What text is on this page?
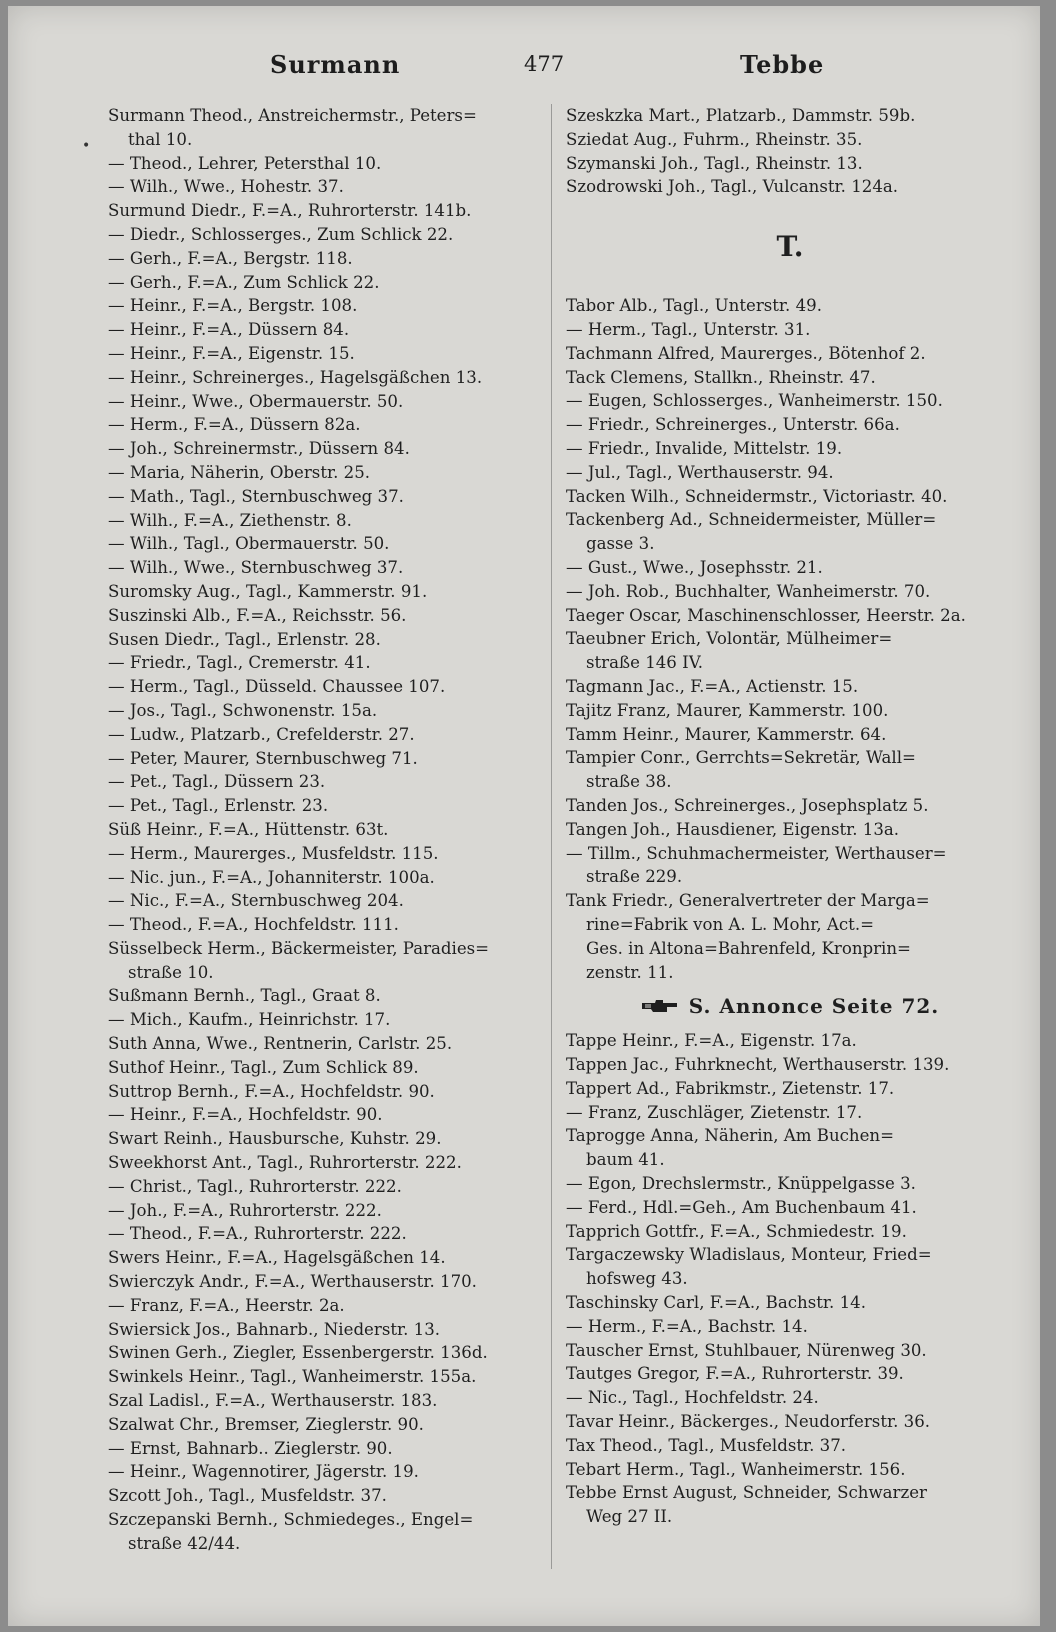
Surmann	477	Tebbe
•
Surmann Theod., Anstreichermstr., Peters=
thal 10.
— Theod., Lehrer, Petersthal 10.
— Wilh., Wwe., Hohestr. 37.
Surmund Diedr., F.=A., Ruhrorterstr. 141b.
— Diedr., Schlosserges., Zum Schlick 22.
— Gerh., F.=A., Bergstr. 118.
— Gerh., F.=A., Zum Schlick 22.
— Heinr., F.=A., Bergstr. 108.
— Heinr., F.=A., Düssern 84.
— Heinr., F.=A., Eigenstr. 15.
— Heinr., Schreinerges., Hagelsgäßchen 13.
— Heinr., Wwe., Obermauerstr. 50.
— Herm., F.=A., Düssern 82a.
— Joh., Schreinermstr., Düssern 84.
— Maria, Näherin, Oberstr. 25.
— Math., Tagl., Sternbuschweg 37.
— Wilh., F.=A., Ziethenstr. 8.
— Wilh., Tagl., Obermauerstr. 50.
— Wilh., Wwe., Sternbuschweg 37.
Suromsky Aug., Tagl., Kammerstr. 91.
Suszinski Alb., F.=A., Reichsstr. 56.
Susen Diedr., Tagl., Erlenstr. 28.
— Friedr., Tagl., Cremerstr. 41.
— Herm., Tagl., Düsseld. Chaussee 107.
— Jos., Tagl., Schwonenstr. 15a.
— Ludw., Platzarb., Crefelderstr. 27.
— Peter, Maurer, Sternbuschweg 71.
— Pet., Tagl., Düssern 23.
— Pet., Tagl., Erlenstr. 23.
Süß Heinr., F.=A., Hüttenstr. 63t.
— Herm., Maurerges., Musfeldstr. 115.
— Nic. jun., F.=A., Johanniterstr. 100a.
— Nic., F.=A., Sternbuschweg 204.
— Theod., F.=A., Hochfeldstr. 111.
Süsselbeck Herm., Bäckermeister, Paradies=
straße 10.
Sußmann Bernh., Tagl., Graat 8.
— Mich., Kaufm., Heinrichstr. 17.
Suth Anna, Wwe., Rentnerin, Carlstr. 25.
Suthof Heinr., Tagl., Zum Schlick 89.
Suttrop Bernh., F.=A., Hochfeldstr. 90.
— Heinr., F.=A., Hochfeldstr. 90.
Swart Reinh., Hausbursche, Kuhstr. 29.
Sweekhorst Ant., Tagl., Ruhrorterstr. 222.
— Christ., Tagl., Ruhrorterstr. 222.
— Joh., F.=A., Ruhrorterstr. 222.
— Theod., F.=A., Ruhrorterstr. 222.
Swers Heinr., F.=A., Hagelsgäßchen 14.
Swierczyk Andr., F.=A., Werthauserstr. 170.
— Franz, F.=A., Heerstr. 2a.
Swiersick Jos., Bahnarb., Niederstr. 13.
Swinen Gerh., Ziegler, Essenbergerstr. 136d.
Swinkels Heinr., Tagl., Wanheimerstr. 155a.
Szal Ladisl., F.=A., Werthauserstr. 183.
Szalwat Chr., Bremser, Zieglerstr. 90.
— Ernst, Bahnarb.. Zieglerstr. 90.
— Heinr., Wagennotirer, Jägerstr. 19.
Szcott Joh., Tagl., Musfeldstr. 37.
Szczepanski Bernh., Schmiedeges., Engel=
straße 42/44.
Szeskzka Mart., Platzarb., Dammstr. 59b.
Sziedat Aug., Fuhrm., Rheinstr. 35.
Szymanski Joh., Tagl., Rheinstr. 13.
Szodrowski Joh., Tagl., Vulcanstr. 124a.
T.
Tabor Alb., Tagl., Unterstr. 49.
— Herm., Tagl., Unterstr. 31.
Tachmann Alfred, Maurerges., Bötenhof 2.
Tack Clemens, Stallkn., Rheinstr. 47.
— Eugen, Schlosserges., Wanheimerstr. 150.
— Friedr., Schreinerges., Unterstr. 66a.
— Friedr., Invalide, Mittelstr. 19.
— Jul., Tagl., Werthauserstr. 94.
Tacken Wilh., Schneidermstr., Victoriastr. 40.
Tackenberg Ad., Schneidermeister, Müller=
gasse 3.
— Gust., Wwe., Josephsstr. 21.
— Joh. Rob., Buchhalter, Wanheimerstr. 70.
Taeger Oscar, Maschinenschlosser, Heerstr. 2a.
Taeubner Erich, Volontär, Mülheimer=
straße 146 IV.
Tagmann Jac., F.=A., Actienstr. 15.
Tajitz Franz, Maurer, Kammerstr. 100.
Tamm Heinr., Maurer, Kammerstr. 64.
Tampier Conr., Gerrchts=Sekretär, Wall=
straße 38.
Tanden Jos., Schreinerges., Josephsplatz 5.
Tangen Joh., Hausdiener, Eigenstr. 13a.
— Tillm., Schuhmachermeister, Werthauser=
straße 229.
Tank Friedr., Generalvertreter der Marga=
rine=Fabrik von A. L. Mohr, Act.=
Ges. in Altona=Bahrenfeld, Kronprin=
zenstr. 11.
S. Annonce Seite 72.
Tappe Heinr., F.=A., Eigenstr. 17a.
Tappen Jac., Fuhrknecht, Werthauserstr. 139.
Tappert Ad., Fabrikmstr., Zietenstr. 17.
— Franz, Zuschläger, Zietenstr. 17.
Taprogge Anna, Näherin, Am Buchen=
baum 41.
— Egon, Drechslermstr., Knüppelgasse 3.
— Ferd., Hdl.=Geh., Am Buchenbaum 41.
Tapprich Gottfr., F.=A., Schmiedestr. 19.
Targaczewsky Wladislaus, Monteur, Fried=
hofsweg 43.
Taschinsky Carl, F.=A., Bachstr. 14.
— Herm., F.=A., Bachstr. 14.
Tauscher Ernst, Stuhlbauer, Nürenweg 30.
Tautges Gregor, F.=A., Ruhrorterstr. 39.
— Nic., Tagl., Hochfeldstr. 24.
Tavar Heinr., Bäckerges., Neudorferstr. 36.
Tax Theod., Tagl., Musfeldstr. 37.
Tebart Herm., Tagl., Wanheimerstr. 156.
Tebbe Ernst August, Schneider, Schwarzer
Weg 27 II.
